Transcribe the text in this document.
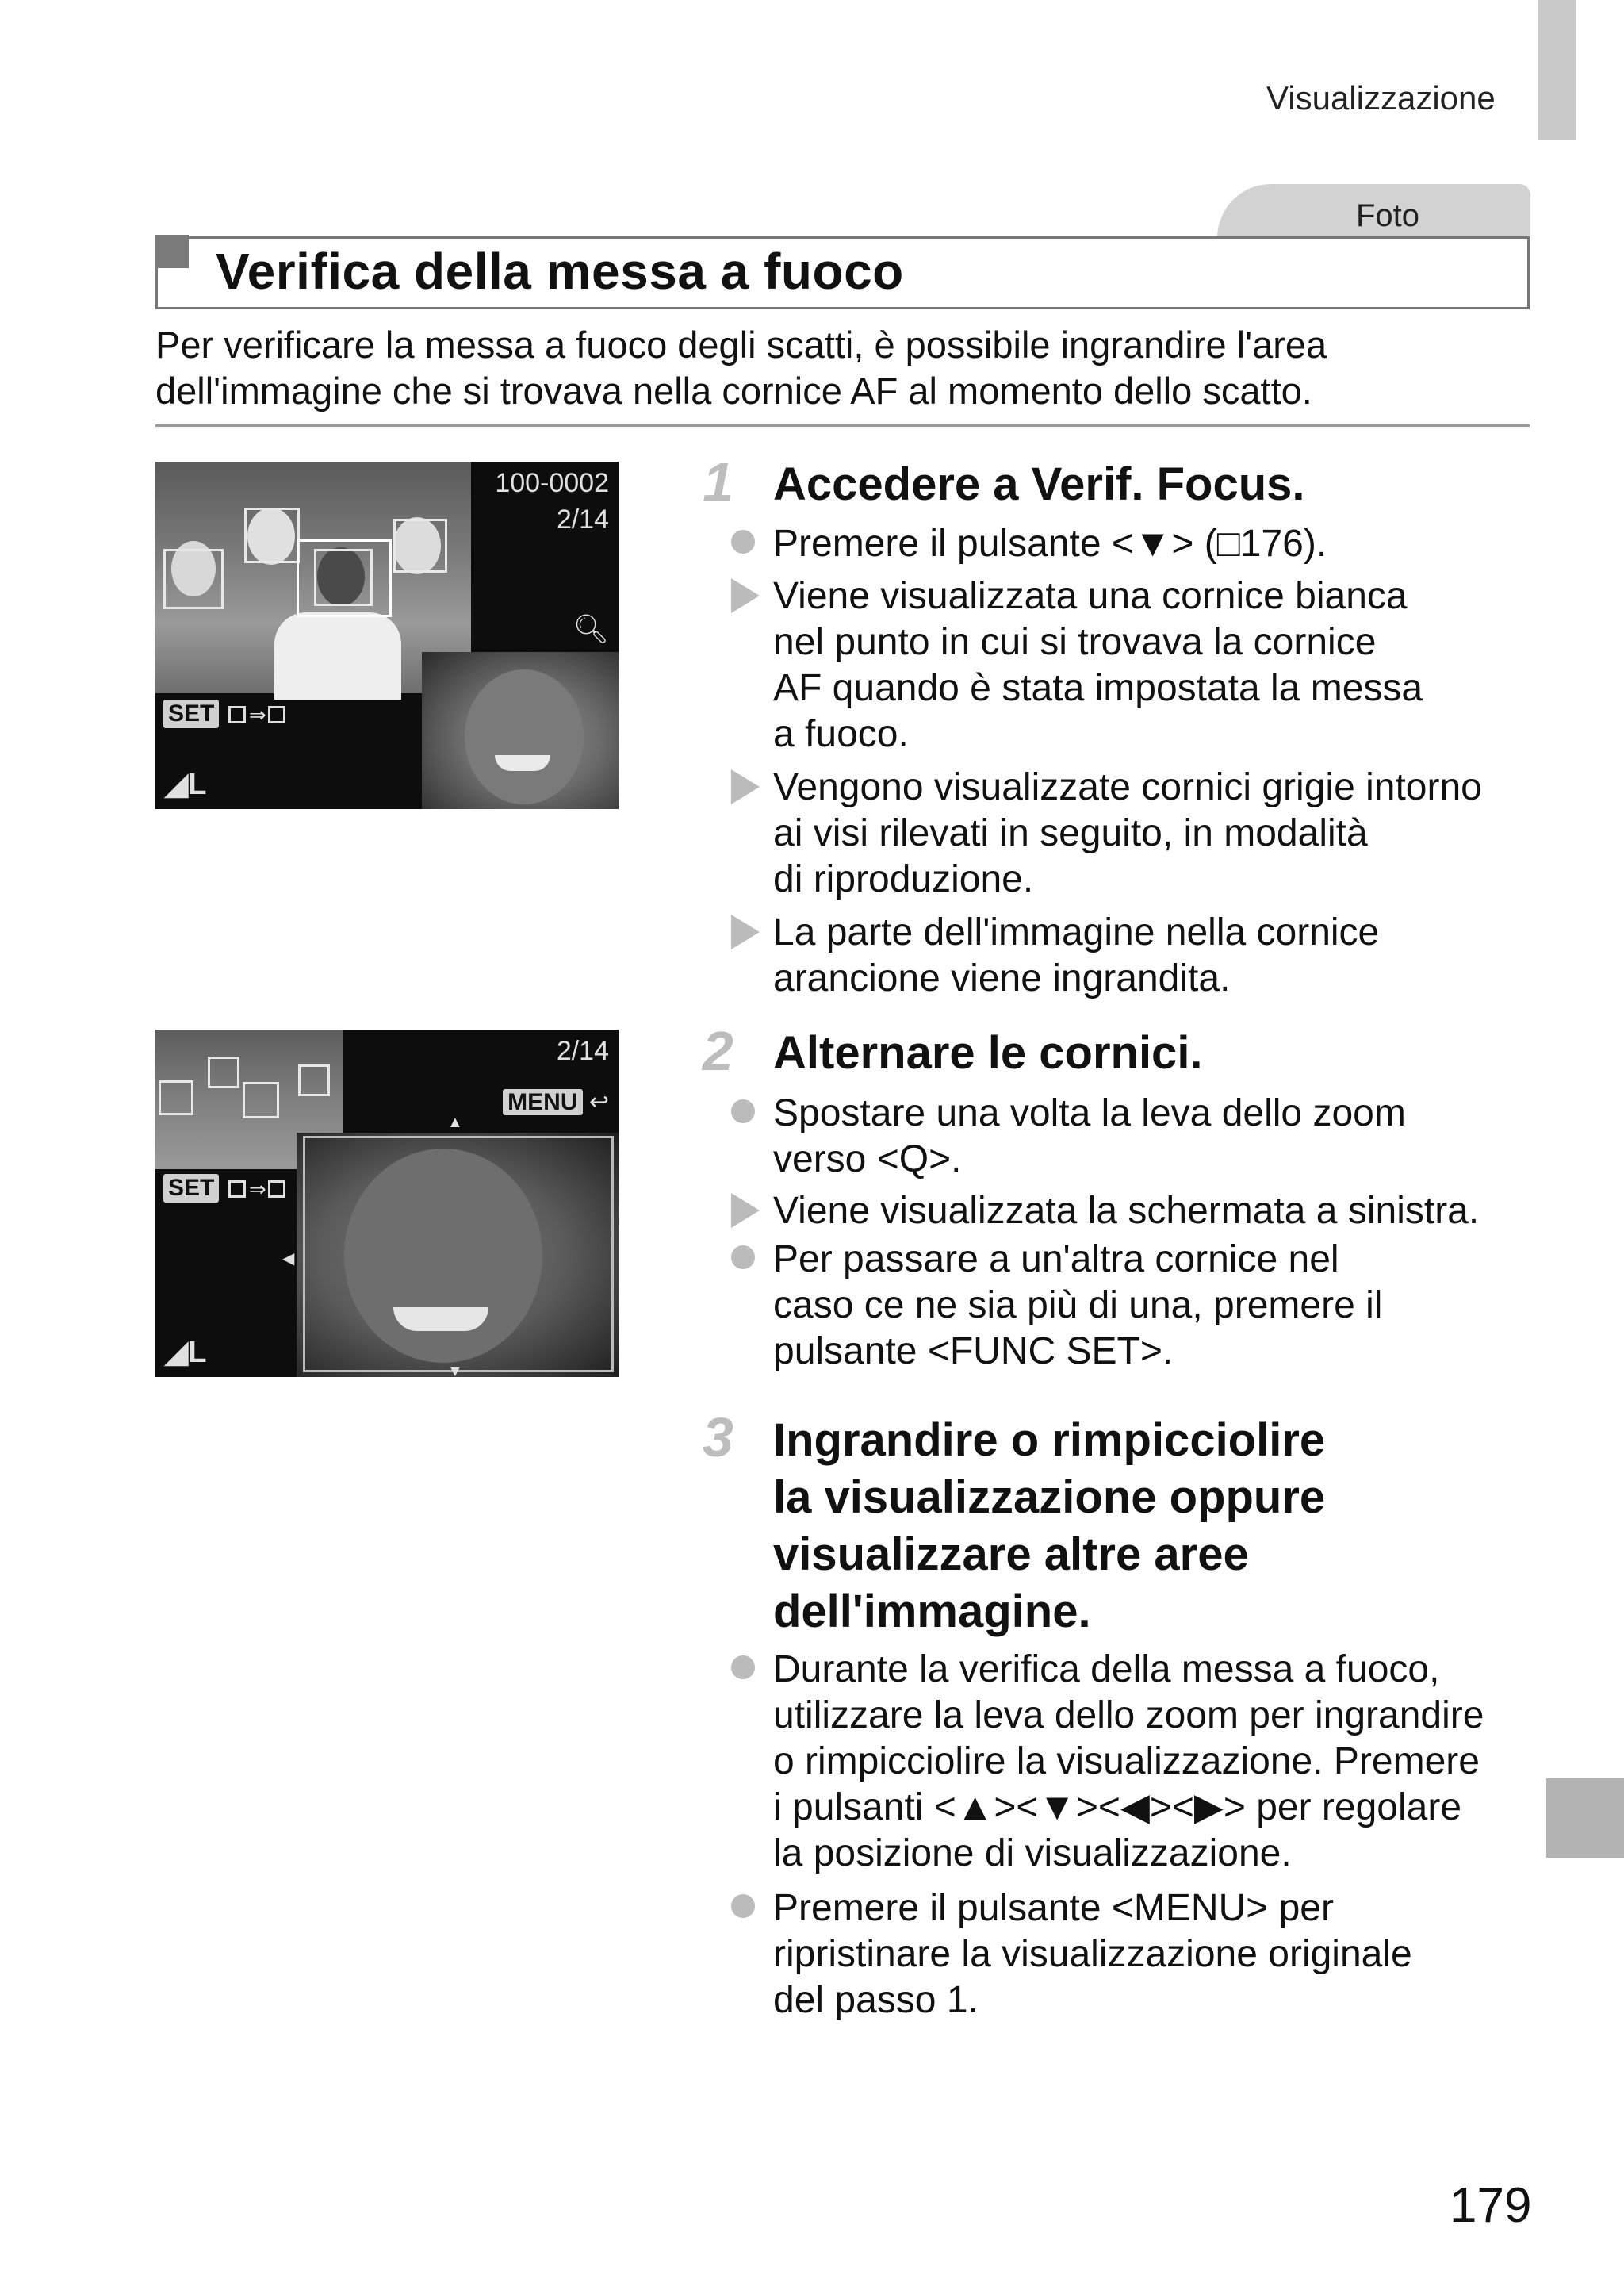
Visualizzazione
Foto
Verifica della messa a fuoco
Per verificare la messa a fuoco degli scatti, è possibile ingrandire l'area
dell'immagine che si trovava nella cornice AF al momento dello scatto.
100-0002
2/14
🔍︎
SET ⇒
◢L
2/14
MENU ↩
▲
▼
◀
SET ⇒
◢L
1 Accedere a Verif. Focus.
Premere il pulsante <▼> (□176).
Viene visualizzata una cornice bianca
nel punto in cui si trovava la cornice
AF quando è stata impostata la messa
a fuoco.
Vengono visualizzate cornici grigie intorno
ai visi rilevati in seguito, in modalità
di riproduzione.
La parte dell'immagine nella cornice
arancione viene ingrandita.
2 Alternare le cornici.
Spostare una volta la leva dello zoom
verso <Q>.
Viene visualizzata la schermata a sinistra.
Per passare a un'altra cornice nel
caso ce ne sia più di una, premere il
pulsante <FUNC SET>.
3 Ingrandire o rimpicciolire
la visualizzazione oppure
visualizzare altre aree
dell'immagine.
Durante la verifica della messa a fuoco,
utilizzare la leva dello zoom per ingrandire
o rimpicciolire la visualizzazione. Premere
i pulsanti <▲><▼><◀><▶> per regolare
la posizione di visualizzazione.
Premere il pulsante <MENU> per
ripristinare la visualizzazione originale
del passo 1.
179
